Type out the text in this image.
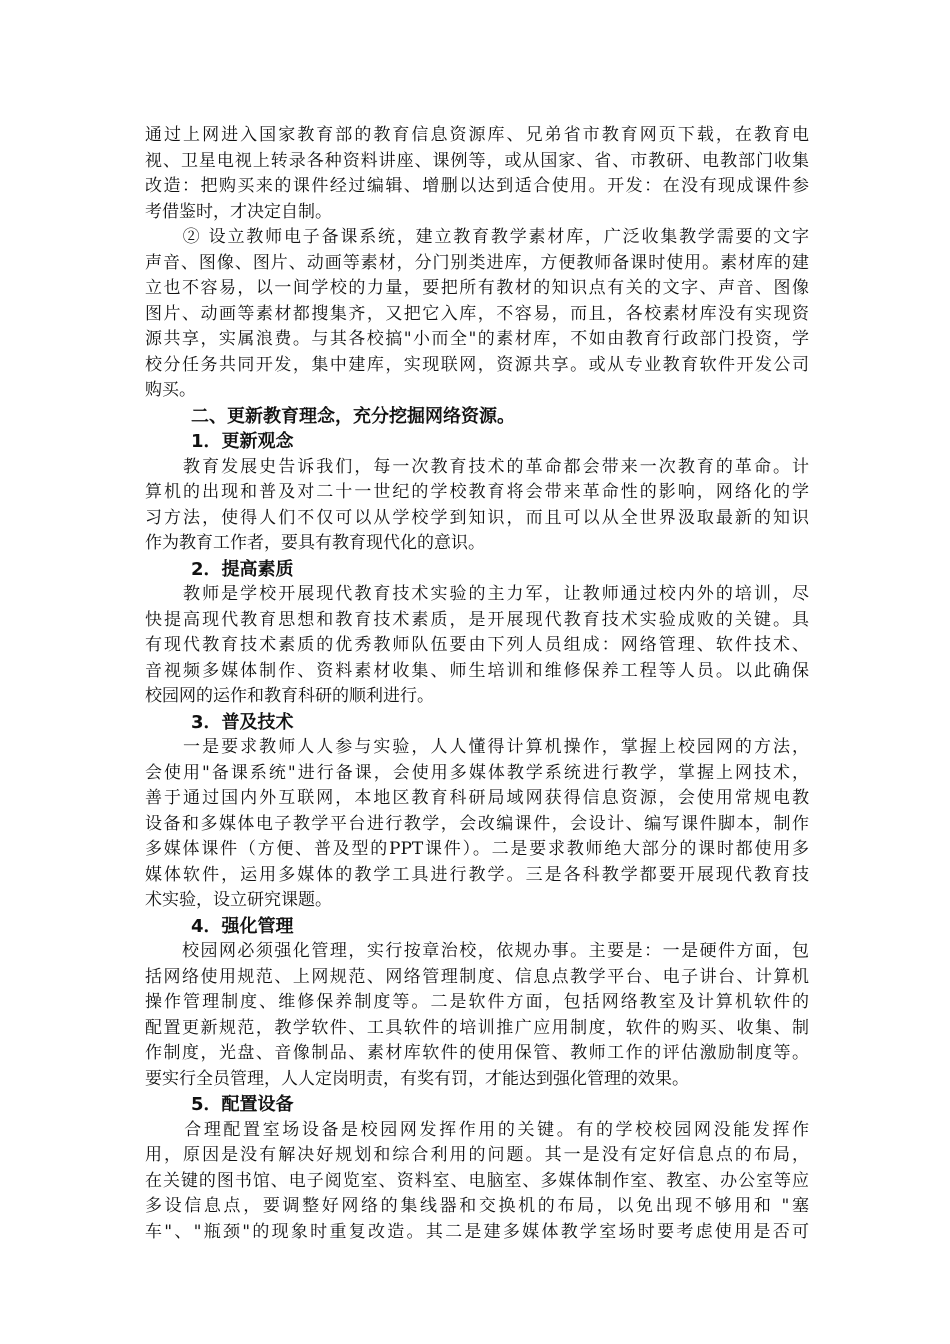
通过上网进入国家教育部的教育信息资源库、兄弟省市教育网页下载，在教育电
视、卫星电视上转录各种资料讲座、课例等，或从国家、省、市教研、电教部门收集
改造：把购买来的课件经过编辑、增删以达到适合使用。开发：在没有现成课件参
考借鉴时，才决定自制。
　　② 设立教师电子备课系统，建立教育教学素材库，广泛收集教学需要的文字
声音、图像、图片、动画等素材，分门别类进库，方便教师备课时使用。素材库的建
立也不容易，以一间学校的力量，要把所有教材的知识点有关的文字、声音、图像
图片、动画等素材都搜集齐，又把它入库，不容易，而且，各校素材库没有实现资
源共享，实属浪费。与其各校搞"小而全"的素材库，不如由教育行政部门投资，学
校分任务共同开发，集中建库，实现联网，资源共享。或从专业教育软件开发公司
购买。
二、更新教育理念，充分挖掘网络资源。
1．更新观念
　　教育发展史告诉我们，每一次教育技术的革命都会带来一次教育的革命。计
算机的出现和普及对二十一世纪的学校教育将会带来革命性的影响，网络化的学
习方法，使得人们不仅可以从学校学到知识，而且可以从全世界汲取最新的知识
作为教育工作者，要具有教育现代化的意识。
2．提高素质
　　教师是学校开展现代教育技术实验的主力军，让教师通过校内外的培训，尽
快提高现代教育思想和教育技术素质，是开展现代教育技术实验成败的关键。具
有现代教育技术素质的优秀教师队伍要由下列人员组成：网络管理、软件技术、
音视频多媒体制作、资料素材收集、师生培训和维修保养工程等人员。以此确保
校园网的运作和教育科研的顺利进行。
3．普及技术
　　一是要求教师人人参与实验，人人懂得计算机操作，掌握上校园网的方法，
会使用"备课系统"进行备课，会使用多媒体教学系统进行教学，掌握上网技术，
善于通过国内外互联网，本地区教育科研局域网获得信息资源，会使用常规电教
设备和多媒体电子教学平台进行教学，会改编课件，会设计、编写课件脚本，制作
多媒体课件（方便、普及型的PPT课件）。二是要求教师绝大部分的课时都使用多
媒体软件，运用多媒体的教学工具进行教学。三是各科教学都要开展现代教育技
术实验，设立研究课题。
4．强化管理
　　校园网必须强化管理，实行按章治校，依规办事。主要是：一是硬件方面，包
括网络使用规范、上网规范、网络管理制度、信息点教学平台、电子讲台、计算机
操作管理制度、维修保养制度等。二是软件方面，包括网络教室及计算机软件的
配置更新规范，教学软件、工具软件的培训推广应用制度，软件的购买、收集、制
作制度，光盘、音像制品、素材库软件的使用保管、教师工作的评估激励制度等。
要实行全员管理，人人定岗明责，有奖有罚，才能达到强化管理的效果。
5．配置设备
　　合理配置室场设备是校园网发挥作用的关键。有的学校校园网没能发挥作
用，原因是没有解决好规划和综合利用的问题。其一是没有定好信息点的布局，
在关键的图书馆、电子阅览室、资料室、电脑室、多媒体制作室、教室、办公室等应
多设信息点，要调整好网络的集线器和交换机的布局，以免出现不够用和 "塞
车"、"瓶颈"的现象时重复改造。其二是建多媒体教学室场时要考虑使用是否可
